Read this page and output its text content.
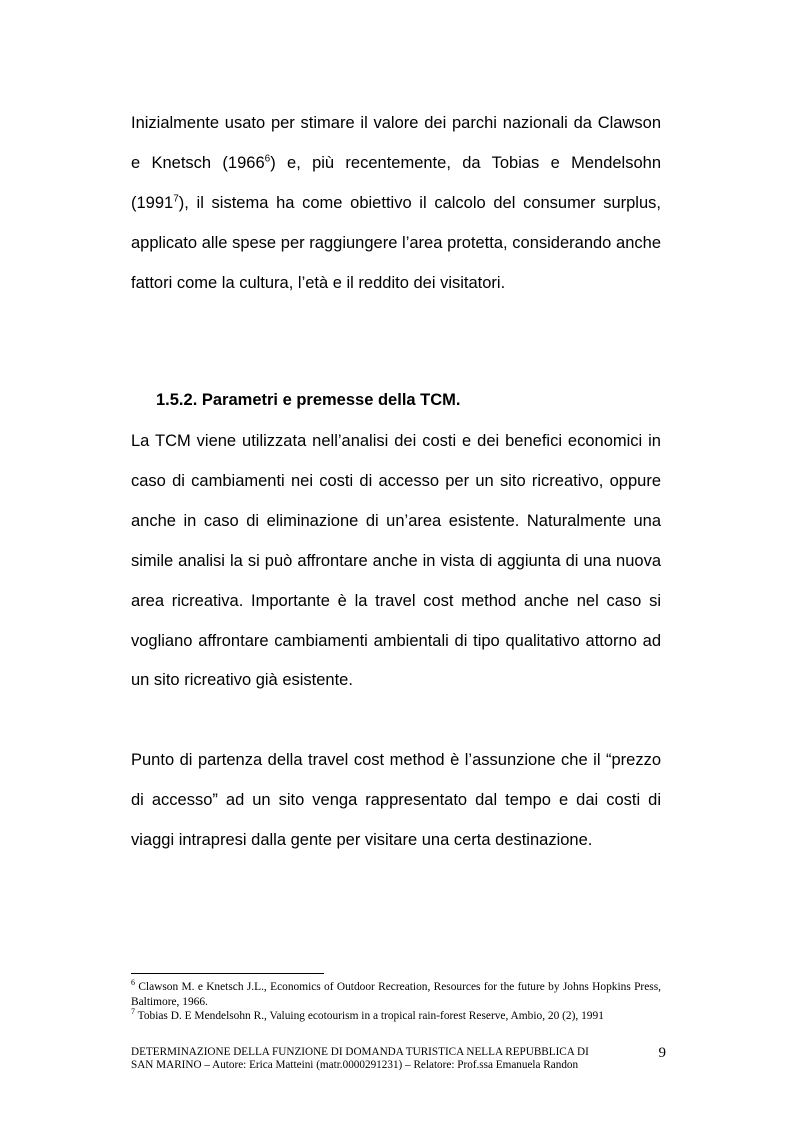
Inizialmente usato per stimare il valore dei parchi nazionali da Clawson e Knetsch (1966$^6$) e, più recentemente, da Tobias e Mendelsohn (1991$^7$), il sistema ha come obiettivo il calcolo del consumer surplus, applicato alle spese per raggiungere l’area protetta, considerando anche fattori come la cultura, l’età e il reddito dei visitatori.

1.5.2. Parametri e premesse della TCM.

La TCM viene utilizzata nell’analisi dei costi e dei benefici economici in caso di cambiamenti nei costi di accesso per un sito ricreativo, oppure anche in caso di eliminazione di un’area esistente. Naturalmente una simile analisi la si può affrontare anche in vista di aggiunta di una nuova area ricreativa. Importante è la travel cost method anche nel caso si vogliano affrontare cambiamenti ambientali di tipo qualitativo attorno ad un sito ricreativo già esistente.

Punto di partenza della travel cost method è l’assunzione che il “prezzo di accesso” ad un sito venga rappresentato dal tempo e dai costi di viaggi intrapresi dalla gente per visitare una certa destinazione.

$^6$ Clawson M. e Knetsch J.L., Economics of Outdoor Recreation, Resources for the future by Johns Hopkins Press, Baltimore, 1966.

$^7$ Tobias D. E Mendelsohn R., Valuing ecotourism in a tropical rain-forest Reserve, Ambio, 20 (2), 1991

DETERMINAZIONE DELLA FUNZIONE DI DOMANDA TURISTICA NELLA REPUBBLICA DI
SAN MARINO – Autore: Erica Matteini (matr.0000291231) – Relatore: Prof.ssa Emanuela Randon
9
